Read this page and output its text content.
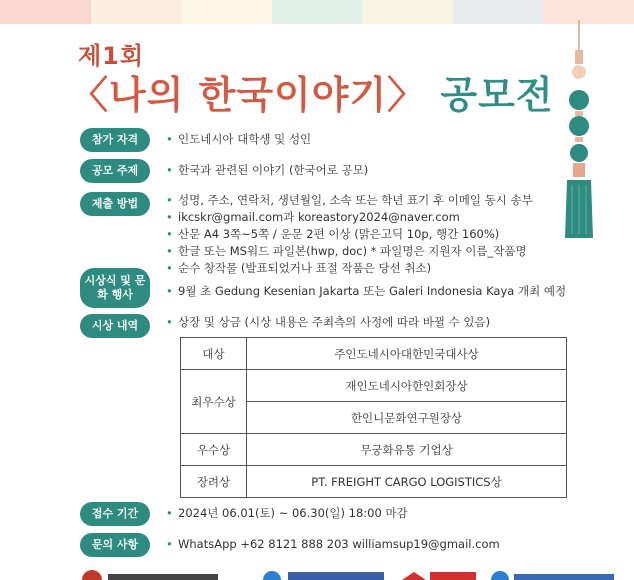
제1회
〈나의 한국이야기〉 공모전
참가 자격	• 인도네시아 대학생 및 성인
공모 주제	• 한국과 관련된 이야기 (한국어로 공모)
제출 방법	• 성명, 주소, 연락처, 생년월일, 소속 또는 학년 표기 후 이메일 동시 송부
• ikcskr@gmail.com과 koreastory2024@naver.com
• 산문 A4 3쪽~5쪽 / 운문 2편 이상 (맑은고딕 10p, 행간 160%)
• 한글 또는 MS워드 파일본(hwp, doc) * 파일명은 지원자 이름_작품명
• 순수 창작물 (발표되었거나 표절 작품은 당선 취소)
시상식 및 문화 행사	• 9월 초 Gedung Kesenian Jakarta 또는 Galeri Indonesia Kaya 개최 예정
시상 내역	• 상장 및 상금 (시상 내용은 주최측의 사정에 따라 바뀔 수 있음)
대상	주인도네시아대한민국대사상
최우수상	재인도네시아한인회장상
	한인니문화연구원장상
우수상	무궁화유통 기업상
장려상	PT. FREIGHT CARGO LOGISTICS상
접수 기간	• 2024년 06.01(토) ~ 06.30(일) 18:00 마감
문의 사항	• WhatsApp +62 8121 888 203 williamsup19@gmail.com
